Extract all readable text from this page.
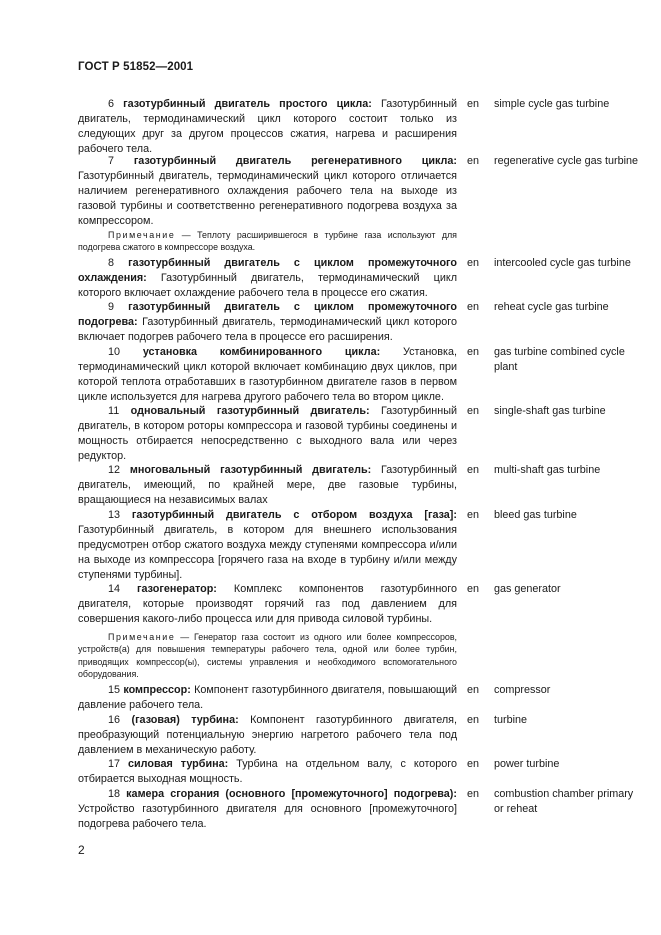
ГОСТ Р 51852—2001
6 газотурбинный двигатель простого цикла: Газотурбинный двигатель, термодинамический цикл которого состоит только из следующих друг за другом процессов сжатия, нагрева и расширения рабочего тела.
en simple cycle gas turbine
7 газотурбинный двигатель регенеративного цикла: Газотурбинный двигатель, термодинамический цикл которого отличается наличием регенеративного охлаждения рабочего тела на выходе из газовой турбины и соответственно регенеративного подогрева воздуха за компрессором.
en regenerative cycle gas turbine
Примечание — Теплоту расширившегося в турбине газа используют для подогрева сжатого в компрессоре воздуха.
8 газотурбинный двигатель с циклом промежуточного охлаждения: Газотурбинный двигатель, термодинамический цикл которого включает охлаждение рабочего тела в процессе его сжатия.
en intercooled cycle gas turbine
9 газотурбинный двигатель с циклом промежуточного подогрева: Газотурбинный двигатель, термодинамический цикл которого включает подогрев рабочего тела в процессе его расширения.
en reheat cycle gas turbine
10 установка комбинированного цикла: Установка, термодинамический цикл которой включает комбинацию двух циклов, при которой теплота отработавших в газотурбинном двигателе газов в первом цикле используется для нагрева другого рабочего тела во втором цикле.
en gas turbine combined cycle plant
11 одновальный газотурбинный двигатель: Газотурбинный двигатель, в котором роторы компрессора и газовой турбины соединены и мощность отбирается непосредственно с выходного вала или через редуктор.
en single-shaft gas turbine
12 многовальный газотурбинный двигатель: Газотурбинный двигатель, имеющий, по крайней мере, две газовые турбины, вращающиеся на независимых валах
en multi-shaft gas turbine
13 газотурбинный двигатель с отбором воздуха [газа]: Газотурбинный двигатель, в котором для внешнего использования предусмотрен отбор сжатого воздуха между ступенями компрессора и/или на выходе из компрессора [горячего газа на входе в турбину и/или между ступенями турбины].
en bleed gas turbine
14 газогенератор: Комплекс компонентов газотурбинного двигателя, которые производят горячий газ под давлением для совершения какого-либо процесса или для привода силовой турбины.
en gas generator
Примечание — Генератор газа состоит из одного или более компрессоров, устройств(а) для повышения температуры рабочего тела, одной или более турбин, приводящих компрессор(ы), системы управления и необходимого вспомогательного оборудования.
15 компрессор: Компонент газотурбинного двигателя, повышающий давление рабочего тела.
en compressor
16 (газовая) турбина: Компонент газотурбинного двигателя, преобразующий потенциальную энергию нагретого рабочего тела под давлением в механическую работу.
en turbine
17 силовая турбина: Турбина на отдельном валу, с которого отбирается выходная мощность.
en power turbine
18 камера сгорания (основного [промежуточного] подогрева): Устройство газотурбинного двигателя для основного [промежуточного] подогрева рабочего тела.
en combustion chamber primary or reheat
2
